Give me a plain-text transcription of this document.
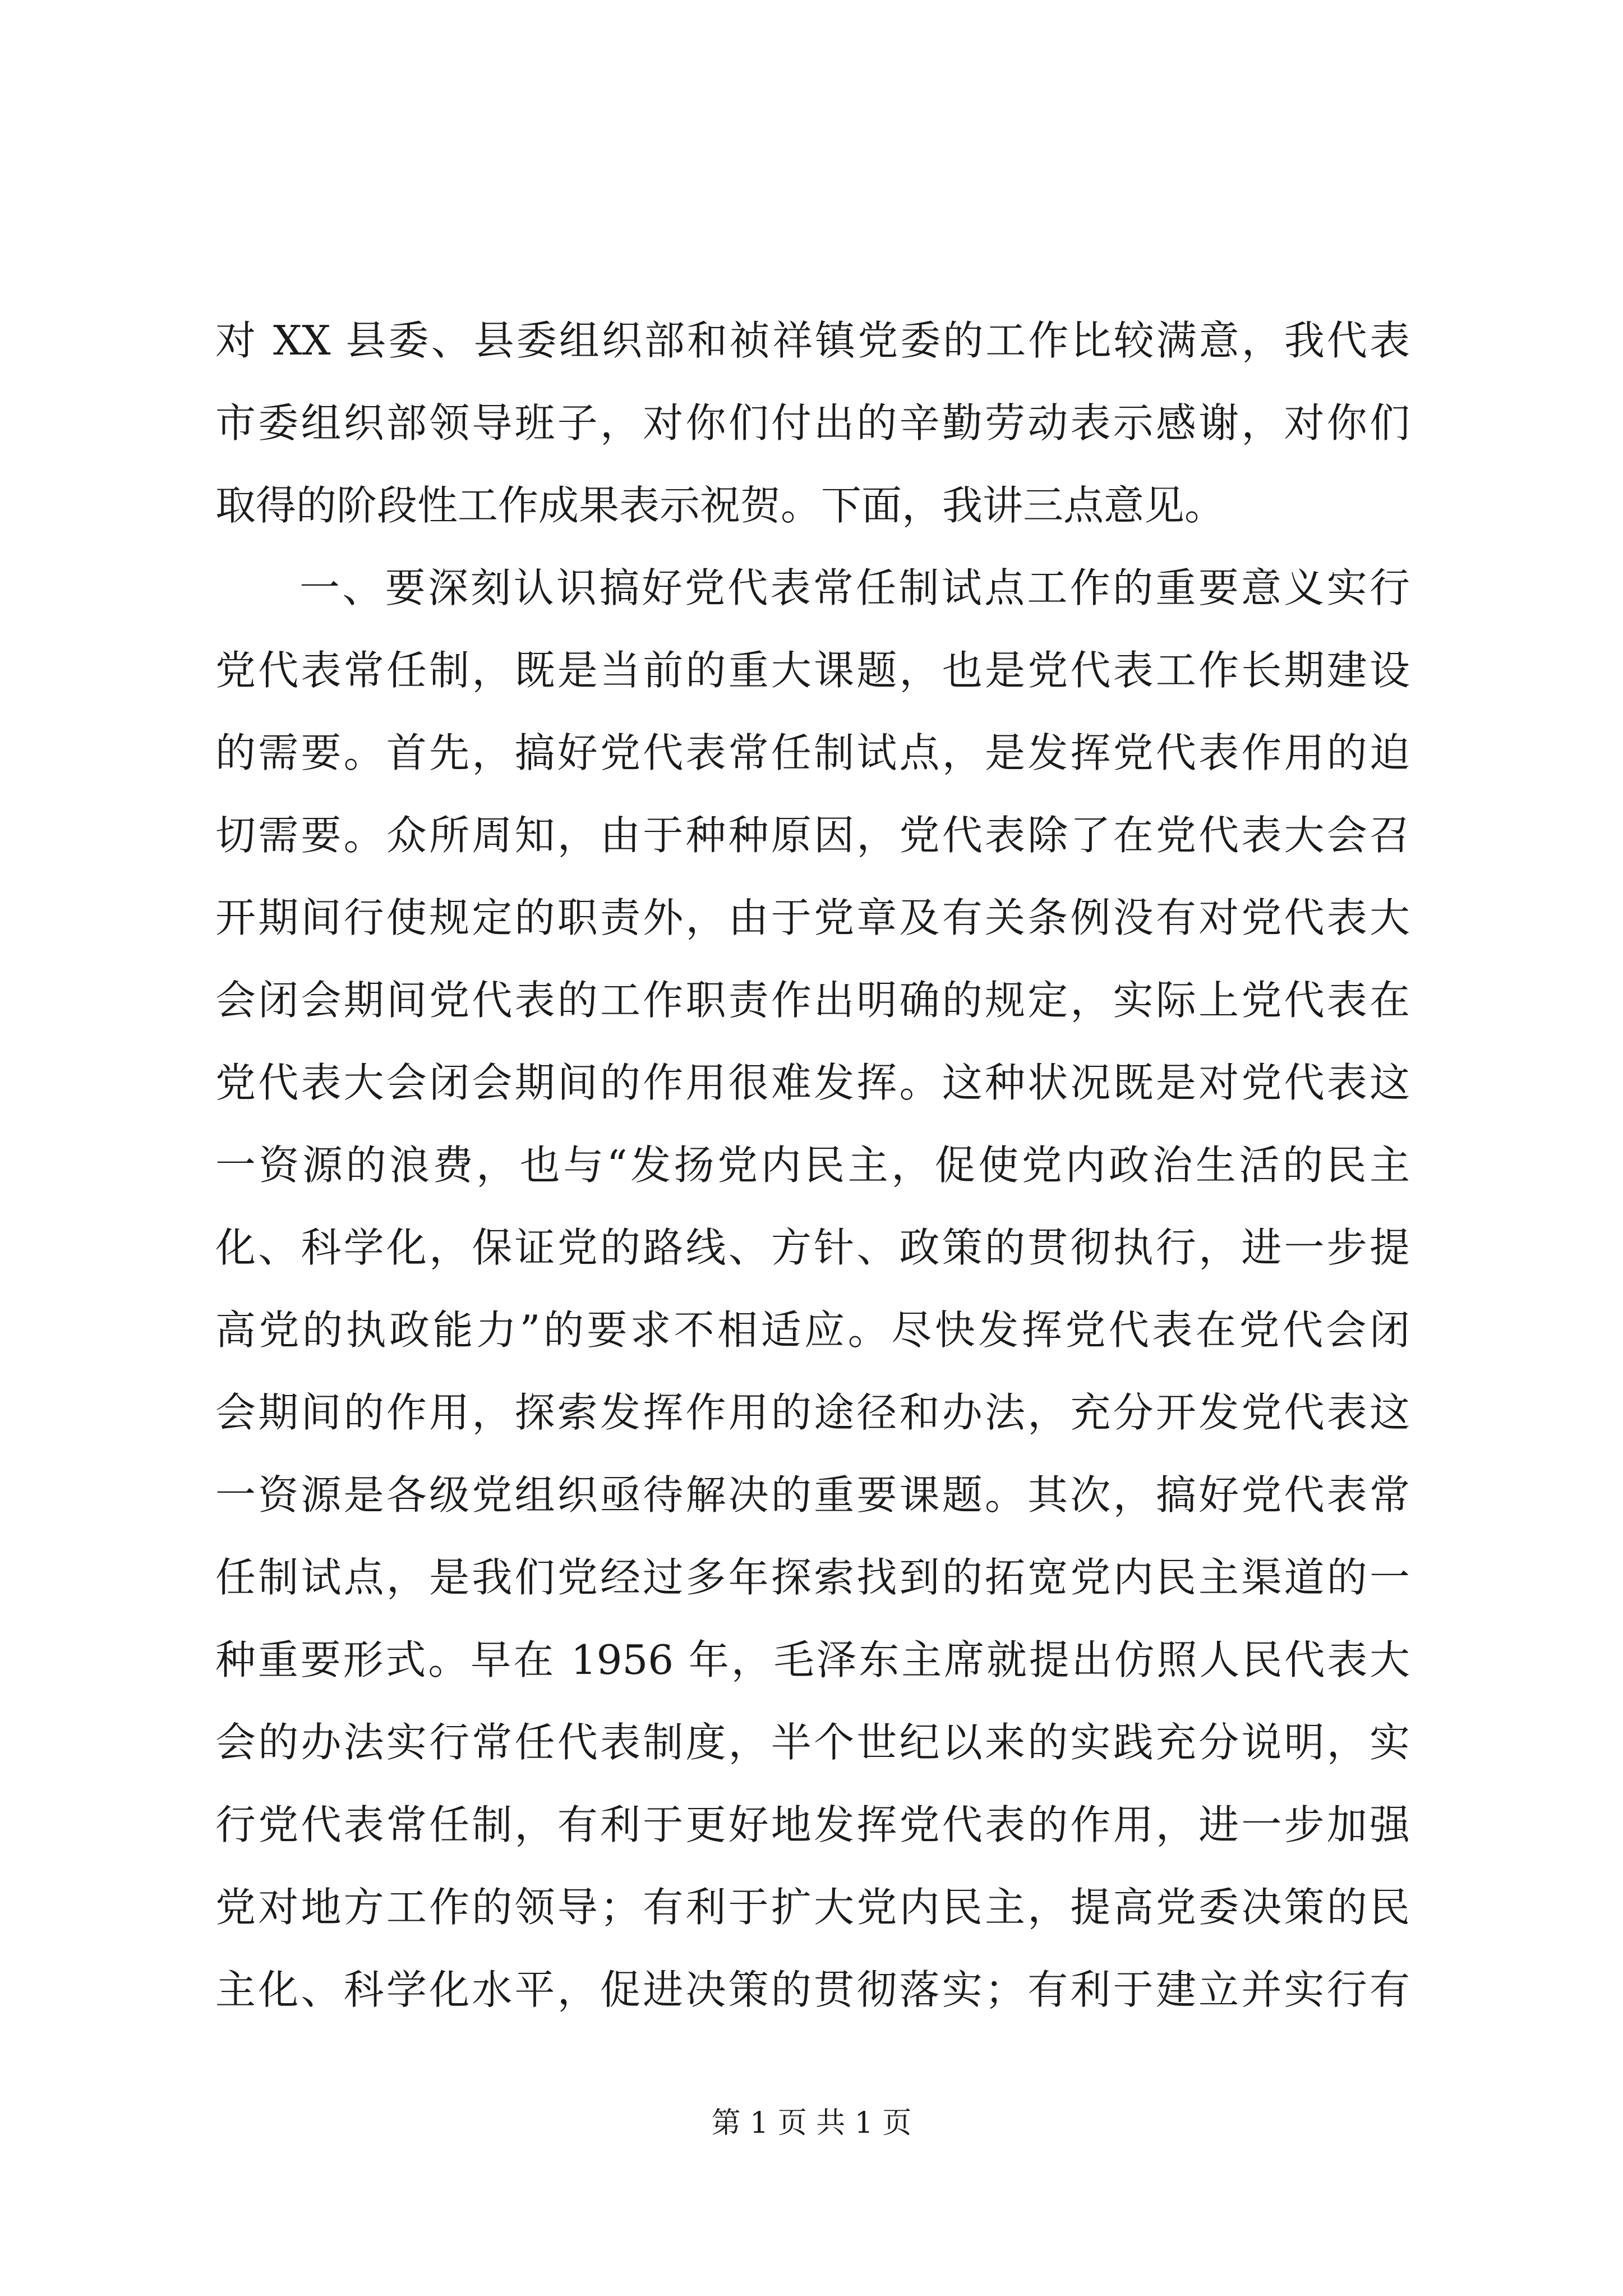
对 XX 县委、县委组织部和祯祥镇党委的工作比较满意，我代表
市委组织部领导班子，对你们付出的辛勤劳动表示感谢，对你们
取得的阶段性工作成果表示祝贺。下面，我讲三点意见。
一、要深刻认识搞好党代表常任制试点工作的重要意义实行
党代表常任制，既是当前的重大课题，也是党代表工作长期建设
的需要。首先，搞好党代表常任制试点，是发挥党代表作用的迫
切需要。众所周知，由于种种原因，党代表除了在党代表大会召
开期间行使规定的职责外，由于党章及有关条例没有对党代表大
会闭会期间党代表的工作职责作出明确的规定，实际上党代表在
党代表大会闭会期间的作用很难发挥。这种状况既是对党代表这
一资源的浪费，也与“发扬党内民主，促使党内政治生活的民主
化、科学化，保证党的路线、方针、政策的贯彻执行，进一步提
高党的执政能力”的要求不相适应。尽快发挥党代表在党代会闭
会期间的作用，探索发挥作用的途径和办法，充分开发党代表这
一资源是各级党组织亟待解决的重要课题。其次，搞好党代表常
任制试点，是我们党经过多年探索找到的拓宽党内民主渠道的一
种重要形式。早在 1956 年，毛泽东主席就提出仿照人民代表大
会的办法实行常任代表制度，半个世纪以来的实践充分说明，实
行党代表常任制，有利于更好地发挥党代表的作用，进一步加强
党对地方工作的领导；有利于扩大党内民主，提高党委决策的民
主化、科学化水平，促进决策的贯彻落实；有利于建立并实行有
第 1 页 共 1 页
